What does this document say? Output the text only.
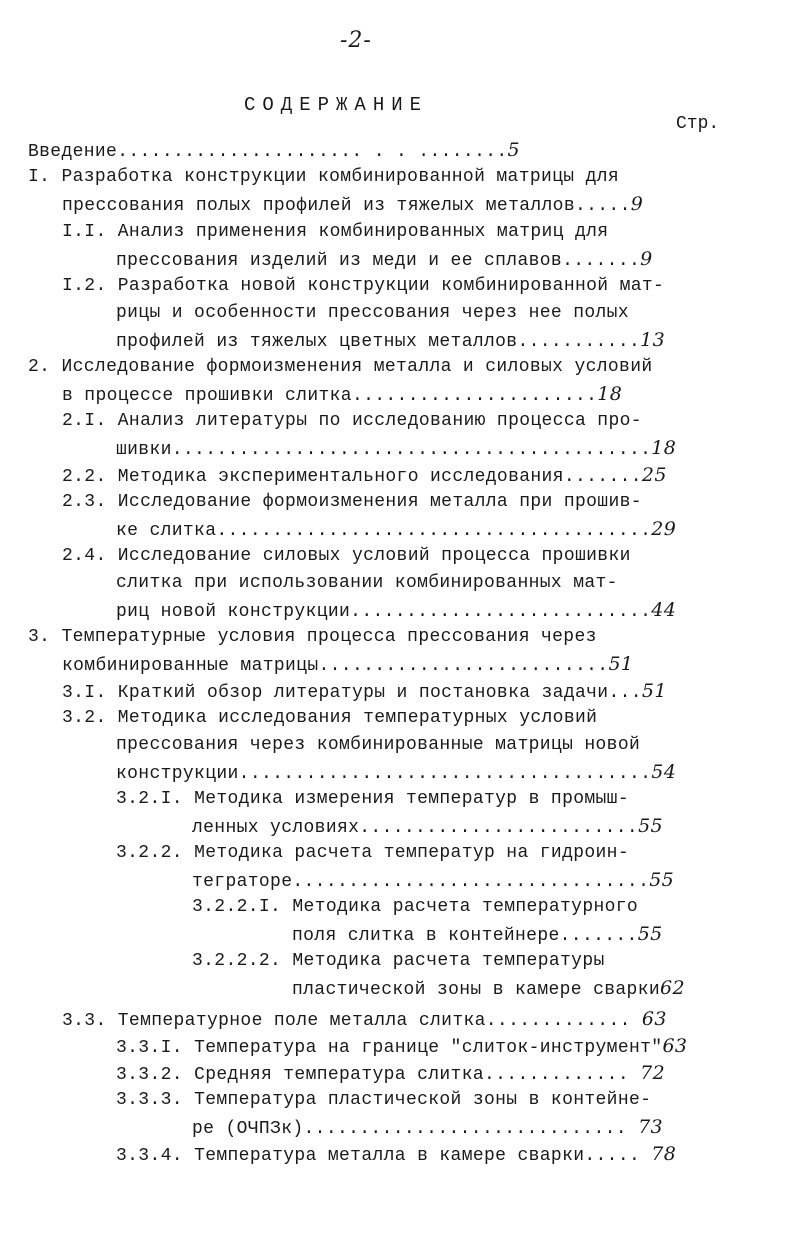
-2-
СОДЕРЖАНИЕ
Стр.
Введение...................... . . ........5
I. Разработка конструкции комбинированной матрицы для
прессования полых профилей из тяжелых металлов.....9
I.I. Анализ применения комбинированных матриц для
прессования изделий из меди и ее сплавов.......9
I.2. Разработка новой конструкции комбинированной мат-
рицы и особенности прессования через нее полых
профилей из тяжелых цветных металлов...........13
2. Исследование формоизменения металла и силовых условий
в процессе прошивки слитка......................18
2.I. Анализ литературы по исследованию процесса про-
шивки...........................................18
2.2. Методика экспериментального исследования.......25
2.3. Исследование формоизменения металла при прошив-
ке слитка.......................................29
2.4. Исследование силовых условий процесса прошивки
слитка при использовании комбинированных мат-
риц новой конструкции...........................44
3. Температурные условия процесса прессования через
комбинированные матрицы..........................51
3.I. Краткий обзор литературы и постановка задачи...51
3.2. Методика исследования температурных условий
прессования через комбинированные матрицы новой
конструкции.....................................54
3.2.I. Методика измерения температур в промыш-
ленных условиях.........................55
3.2.2. Методика расчета температур на гидроин-
тегратope................................55
3.2.2.I. Методика расчета температурного
поля слитка в контейнере.......55
3.2.2.2. Методика расчета температуры
пластической зоны в камере сварки62
3.3. Температурное поле металла слитка............. 63
3.3.I. Температура на границе "слиток-инструмент"63
3.3.2. Средняя температура слитка............. 72
3.3.3. Температура пластической зоны в контейне-
ре (ОЧПЗк)............................. 73
3.3.4. Температура металла в камере сварки..... 78
